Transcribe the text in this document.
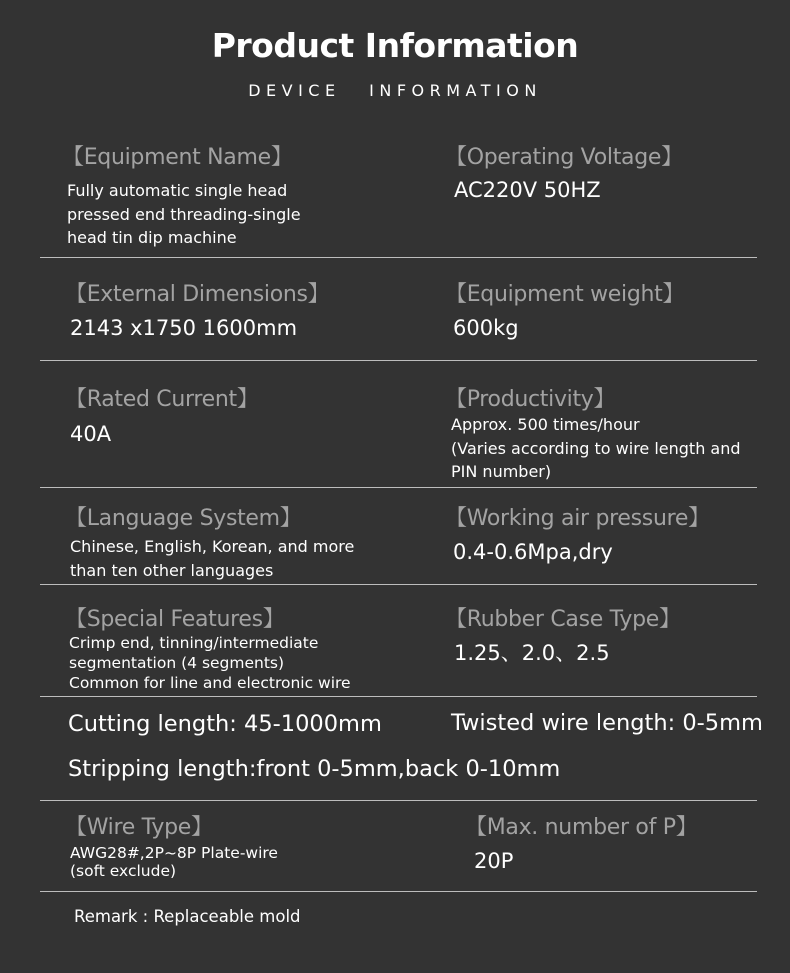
Product Information
DEVICE INFORMATION
【Equipment Name】
Fully automatic single head
pressed end threading-single
head tin dip machine
【Operating Voltage】
AC220V 50HZ
【External Dimensions】
2143 x1750 1600mm
【Equipment weight】
600kg
【Rated Current】
40A
【Productivity】
Approx. 500 times/hour
(Varies according to wire length and
PIN number)
【Language System】
Chinese, English, Korean, and more
than ten other languages
【Working air pressure】
0.4-0.6Mpa,dry
【Special Features】
Crimp end, tinning/intermediate
segmentation (4 segments)
Common for line and electronic wire
【Rubber Case Type】
1.25、2.0、2.5
Cutting length: 45-1000mm	Twisted wire length: 0-5mm
Stripping length:front 0-5mm,back 0-10mm
【Wire Type】
AWG28#,2P~8P Plate-wire
(soft exclude)
【Max. number of P】
20P
Remark : Replaceable mold
